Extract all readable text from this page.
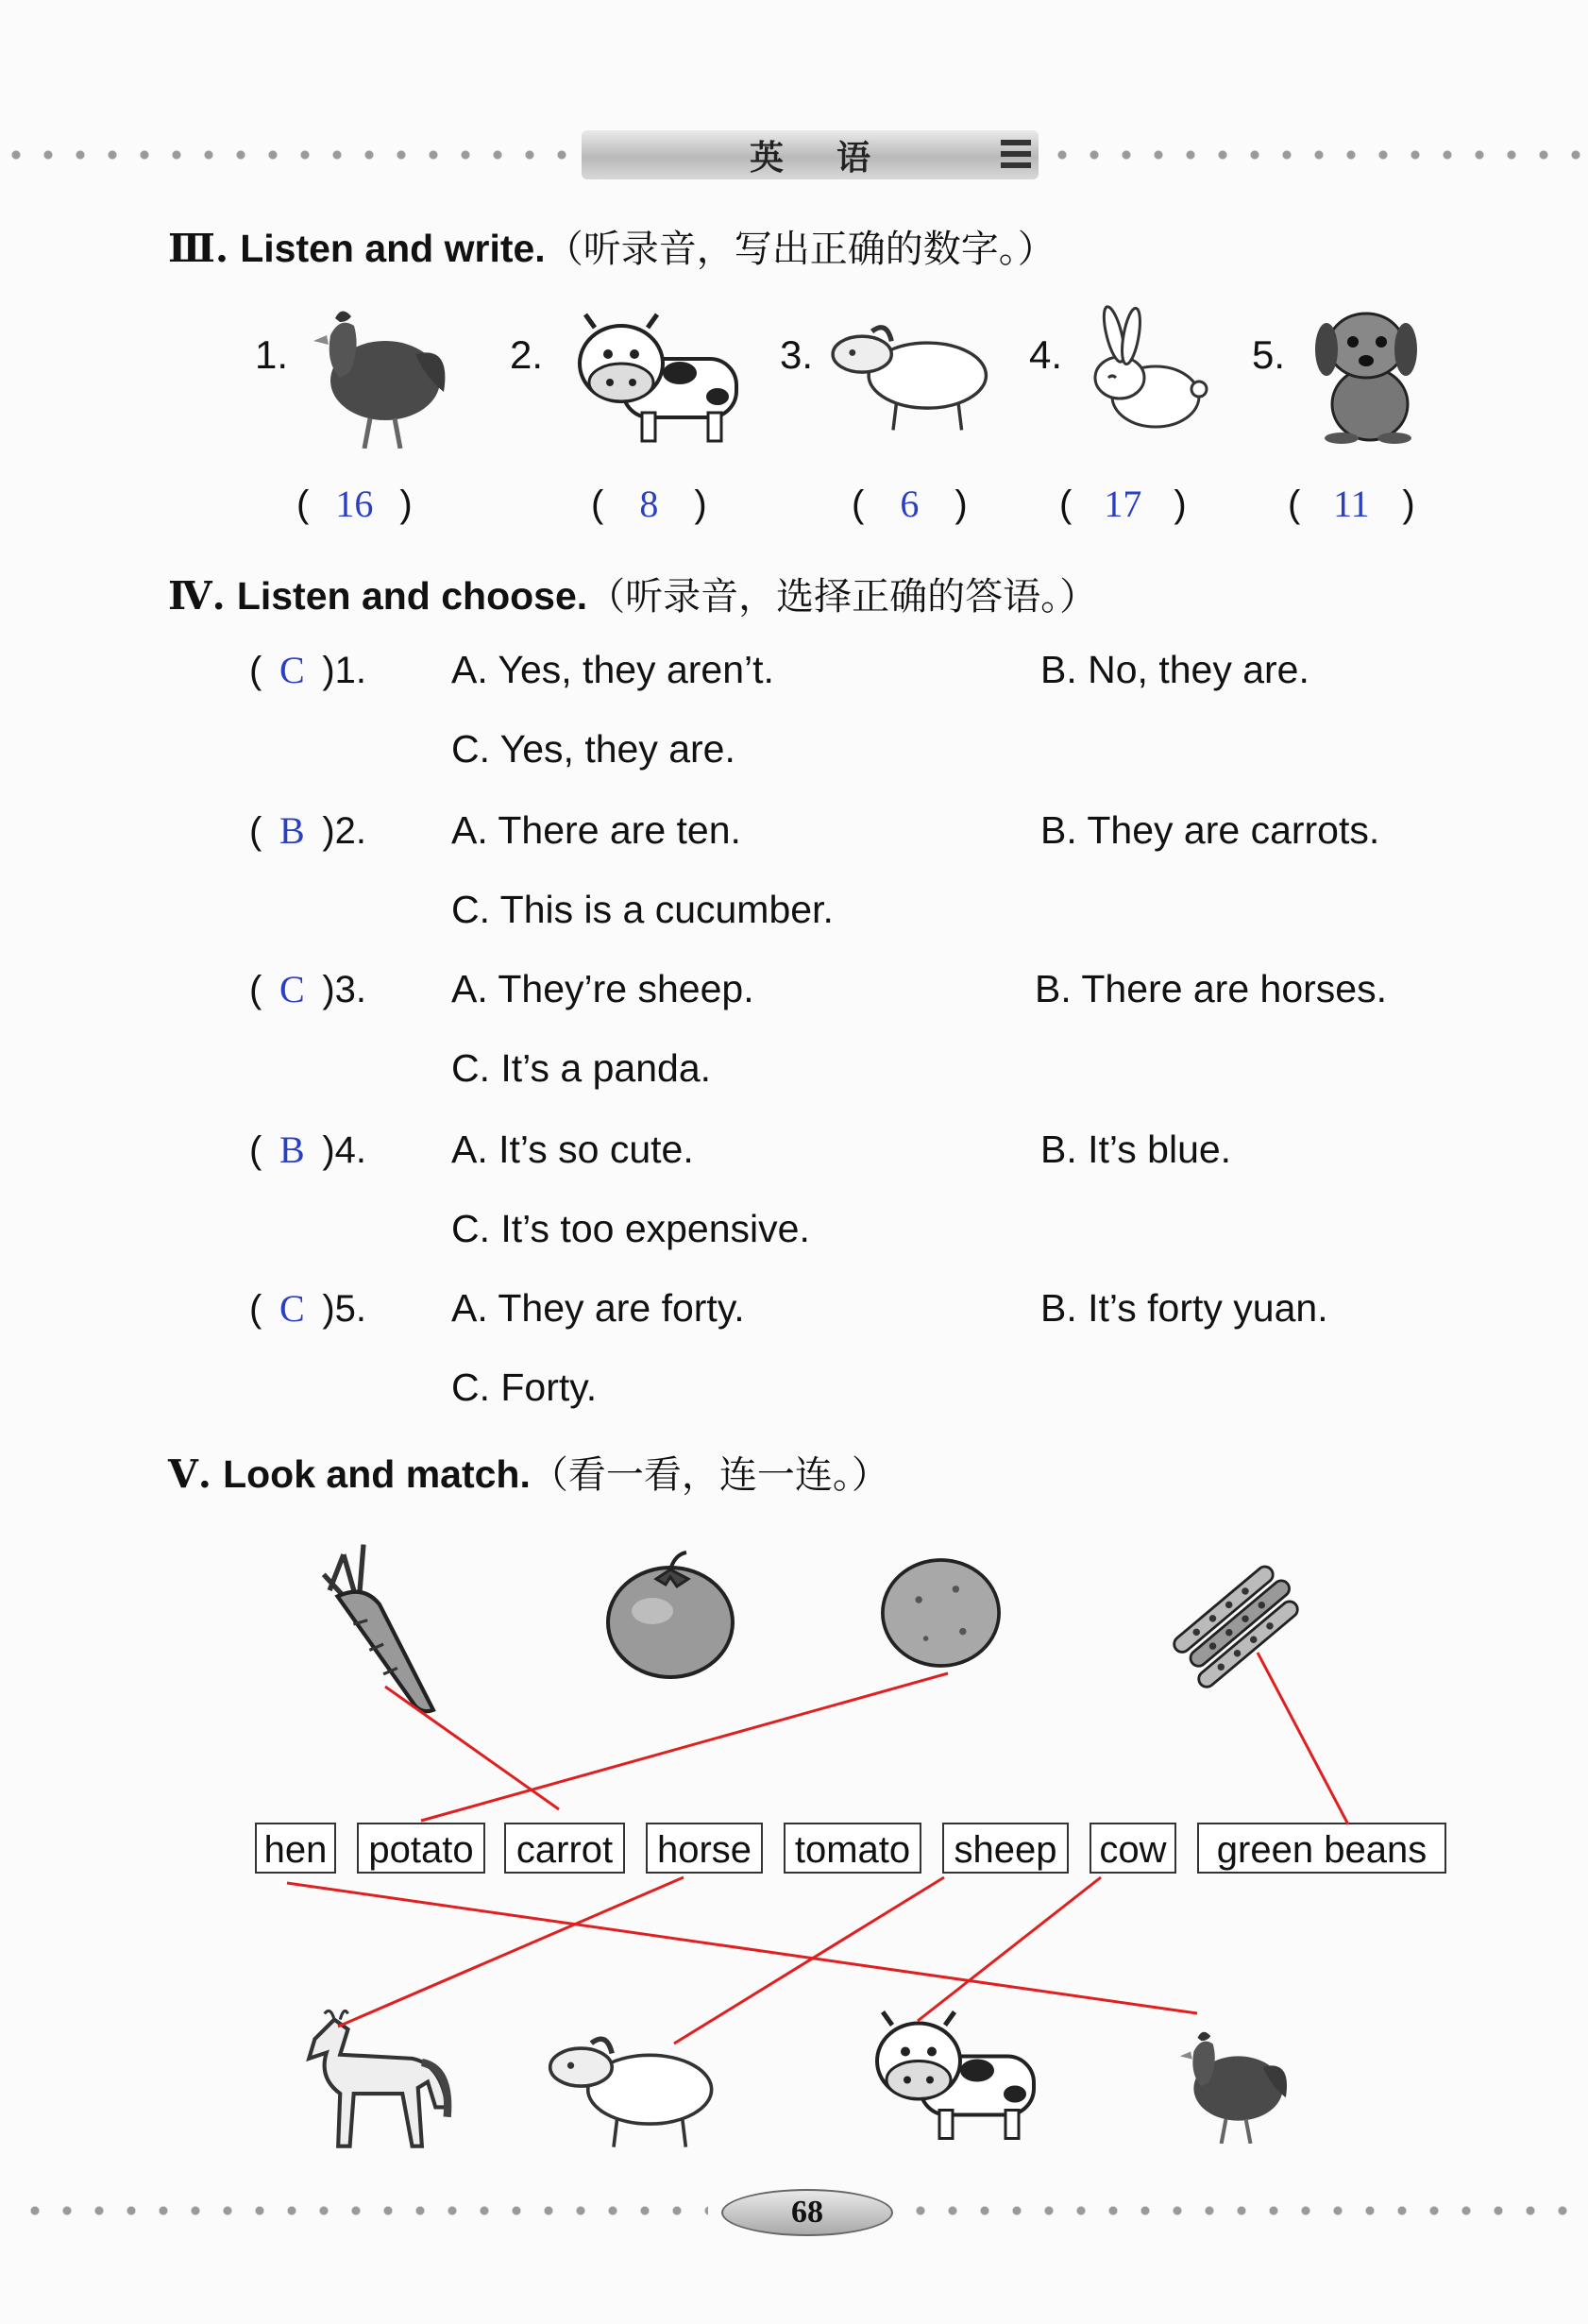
英语
Ⅲ. Listen and write.（听录音，写出正确的数字。）
1.	2.	3.	4.	5.
( 16 )	( 8 )	( 6 ) ( 17 )	( 11 )
Ⅳ. Listen and choose.（听录音，选择正确的答语。）
( C )1. A. Yes, they aren’t.	B. No, they are.
C. Yes, they are.
( B )2. A. There are ten.	B. They are carrots.
C. This is a cucumber.
( C )3. A. They’re sheep.	B. There are horses.
C. It’s a panda.
( B )4. A. It’s so cute.	B. It’s blue.
C. It’s too expensive.
( C )5. A. They are forty.	B. It’s forty yuan.
C. Forty.
Ⅴ. Look and match.（看一看，连一连。）
hen	potato	carrot	horse tomato	sheep	cow	green beans
68
